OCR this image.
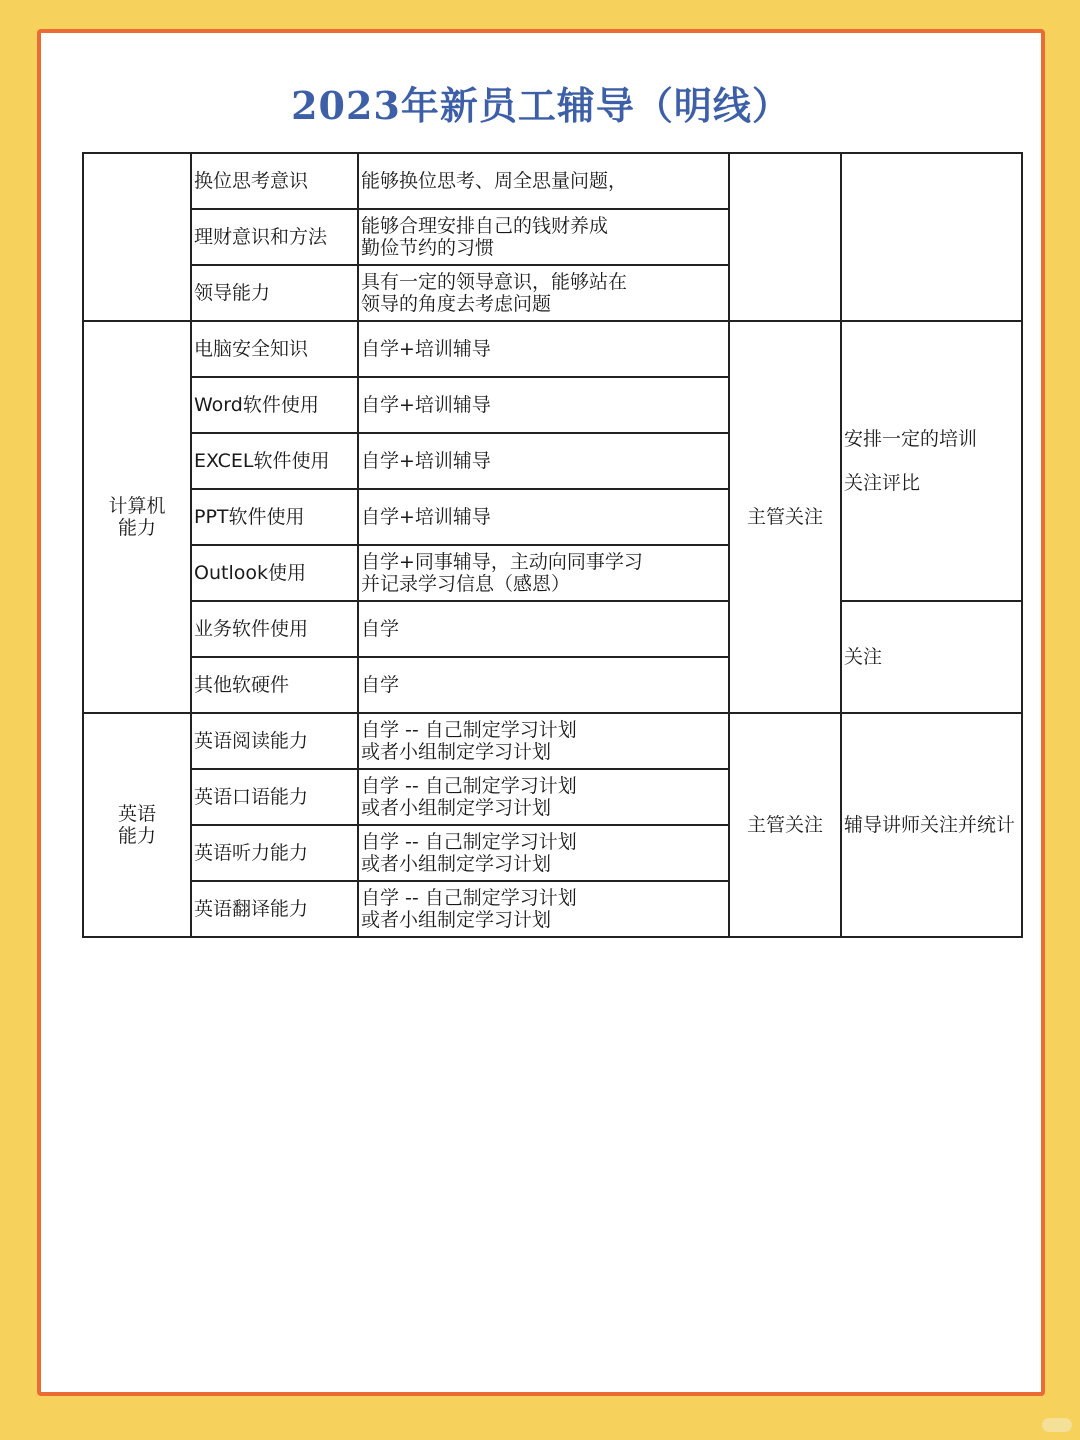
2023年新员工辅导（明线）
	换位思考意识	能够换位思考、周全思量问题，		
	理财意识和方法	能够合理安排自己的钱财养成
勤俭节约的习惯		
	领导能力	具有一定的领导意识，能够站在
领导的角度去考虑问题		
计算机
能力	电脑安全知识	自学+培训辅导	主管关注	安排一定的培训
关注评比
	Word软件使用	自学+培训辅导		
	EXCEL软件使用	自学+培训辅导		
	PPT软件使用	自学+培训辅导		
	Outlook使用	自学+同事辅导，主动向同事学习
并记录学习信息（感恩）		
	业务软件使用	自学		关注
	其他软硬件	自学		
英语
能力	英语阅读能力	自学 -- 自己制定学习计划
或者小组制定学习计划	主管关注	辅导讲师关注并统计
	英语口语能力	自学 -- 自己制定学习计划
或者小组制定学习计划		
	英语听力能力	自学 -- 自己制定学习计划
或者小组制定学习计划		
	英语翻译能力	自学 -- 自己制定学习计划
或者小组制定学习计划		
